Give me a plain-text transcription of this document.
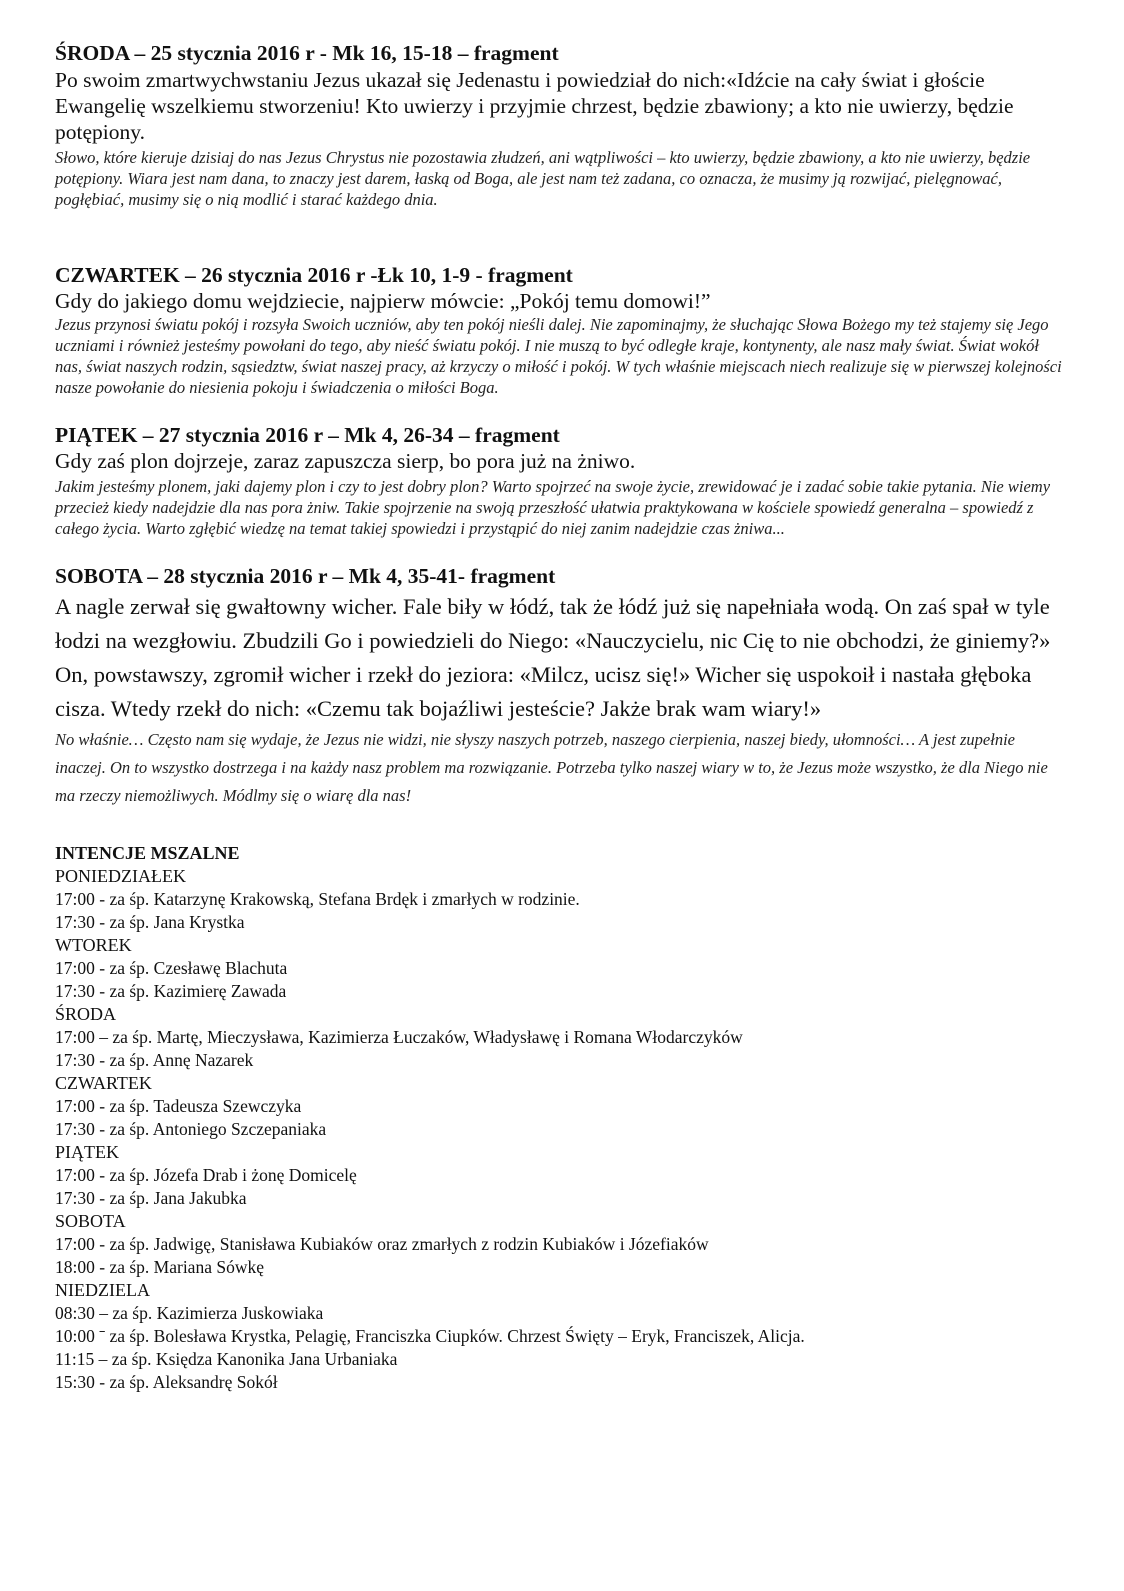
ŚRODA – 25 stycznia 2016 r - Mk 16, 15-18 – fragment

Po swoim zmartwychwstaniu Jezus ukazał się Jedenastu i powiedział do nich:«Idźcie na cały świat i głoście Ewangelię wszelkiemu stworzeniu! Kto uwierzy i przyjmie chrzest, będzie zbawiony; a kto nie uwierzy, będzie potępiony.

Słowo, które kieruje dzisiaj do nas Jezus Chrystus nie pozostawia złudzeń, ani wątpliwości – kto uwierzy, będzie zbawiony, a kto nie uwierzy, będzie potępiony. Wiara jest nam dana, to znaczy jest darem, łaską od Boga, ale jest nam też zadana, co oznacza, że musimy ją rozwijać, pielęgnować, pogłębiać, musimy się o nią modlić i starać każdego dnia.

CZWARTEK – 26 stycznia 2016 r -Łk 10, 1-9 - fragment

Gdy do jakiego domu wejdziecie, najpierw mówcie: „Pokój temu domowi!”

Jezus przynosi światu pokój i rozsyła Swoich uczniów, aby ten pokój nieśli dalej. Nie zapominajmy, że słuchając Słowa Bożego my też stajemy się Jego uczniami i również jesteśmy powołani do tego, aby nieść światu pokój. I nie muszą to być odległe kraje, kontynenty, ale nasz mały świat. Świat wokół nas, świat naszych rodzin, sąsiedztw, świat naszej pracy, aż krzyczy o miłość i pokój. W tych właśnie miejscach niech realizuje się w pierwszej kolejności nasze powołanie do niesienia pokoju i świadczenia o miłości Boga.

PIĄTEK – 27 stycznia 2016 r – Mk 4, 26-34 – fragment

Gdy zaś plon dojrzeje, zaraz zapuszcza sierp, bo pora już na żniwo.

Jakim jesteśmy plonem, jaki dajemy plon i czy to jest dobry plon? Warto spojrzeć na swoje życie, zrewidować je i zadać sobie takie pytania. Nie wiemy przecież kiedy nadejdzie dla nas pora żniw. Takie spojrzenie na swoją przeszłość ułatwia praktykowana w kościele spowiedź generalna – spowiedź z całego życia. Warto zgłębić wiedzę na temat takiej spowiedzi i przystąpić do niej zanim nadejdzie czas żniwa...

SOBOTA – 28 stycznia 2016 r – Mk 4, 35-41- fragment

A nagle zerwał się gwałtowny wicher. Fale biły w łódź, tak że łódź już się napełniała wodą. On zaś spał w tyle łodzi na wezgłowiu. Zbudzili Go i powiedzieli do Niego: «Nauczycielu, nic Cię to nie obchodzi, że giniemy?» On, powstawszy, zgromił wicher i rzekł do jeziora: «Milcz, ucisz się!» Wicher się uspokoił i nastała głęboka cisza. Wtedy rzekł do nich: «Czemu tak bojaźliwi jesteście? Jakże brak wam wiary!»

No właśnie… Często nam się wydaje, że Jezus nie widzi, nie słyszy naszych potrzeb, naszego cierpienia, naszej biedy, ułomności… A jest zupełnie inaczej. On to wszystko dostrzega i na każdy nasz problem ma rozwiązanie. Potrzeba tylko naszej wiary w to, że Jezus może wszystko, że dla Niego nie ma rzeczy niemożliwych. Módlmy się o wiarę dla nas!

INTENCJE MSZALNE

PONIEDZIAŁEK

17:00 - za śp. Katarzynę Krakowską, Stefana Brdęk i zmarłych w rodzinie.

17:30 - za śp. Jana Krystka

WTOREK

17:00 - za śp. Czesławę Blachuta

17:30 - za śp. Kazimierę Zawada

ŚRODA

17:00 – za śp. Martę, Mieczysława, Kazimierza Łuczaków, Władysławę i Romana Włodarczyków

17:30 - za śp. Annę Nazarek

CZWARTEK

17:00 - za śp. Tadeusza Szewczyka

17:30 - za śp. Antoniego Szczepaniaka

PIĄTEK

17:00 - za śp. Józefa Drab i żonę Domicelę

17:30 - za śp. Jana Jakubka

SOBOTA

17:00 - za śp. Jadwigę, Stanisława Kubiaków oraz zmarłych z rodzin Kubiaków i Józefiaków

18:00 - za śp. Mariana Sówkę

NIEDZIELA

08:30 – za śp. Kazimierza Juskowiaka

10:00 ˉ za śp. Bolesława Krystka, Pelagię, Franciszka Ciupków. Chrzest Święty – Eryk, Franciszek, Alicja.

11:15 – za śp. Księdza Kanonika Jana Urbaniaka

15:30 - za śp. Aleksandrę Sokół
